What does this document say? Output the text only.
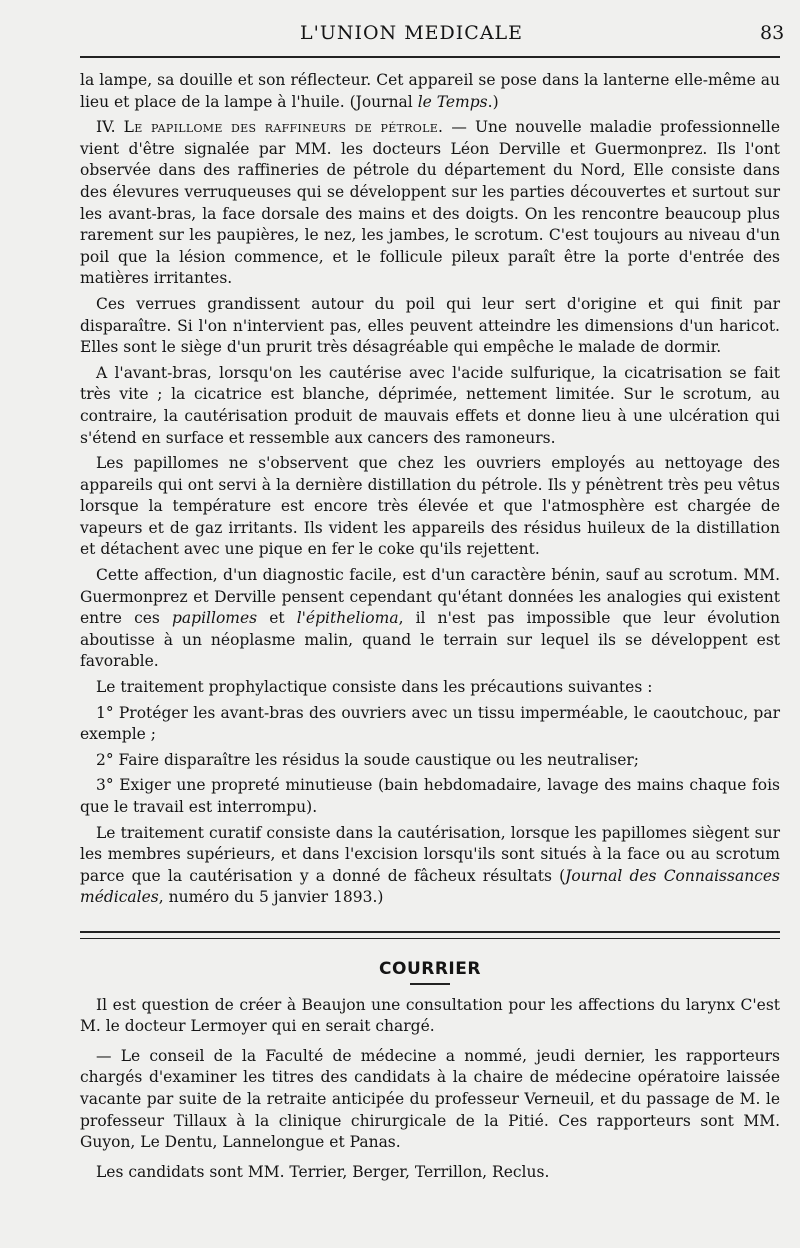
L'UNION MEDICALE	83

la lampe, sa douille et son réflecteur. Cet appareil se pose dans la lanterne elle-même au lieu et place de la lampe à l'huile. (Journal le Temps.)

IV. Le papillome des raffineurs de pétrole. — Une nouvelle maladie professionnelle vient d'être signalée par MM. les docteurs Léon Derville et Guermonprez. Ils l'ont observée dans des raffineries de pétrole du département du Nord, Elle consiste dans des élevures verruqueuses qui se développent sur les parties découvertes et surtout sur les avant-bras, la face dorsale des mains et des doigts. On les rencontre beaucoup plus rarement sur les paupières, le nez, les jambes, le scrotum. C'est toujours au niveau d'un poil que la lésion commence, et le follicule pileux paraît être la porte d'entrée des matières irritantes.

Ces verrues grandissent autour du poil qui leur sert d'origine et qui finit par disparaître. Si l'on n'intervient pas, elles peuvent atteindre les dimensions d'un haricot. Elles sont le siège d'un prurit très désagréable qui empêche le malade de dormir.

A l'avant-bras, lorsqu'on les cautérise avec l'acide sulfurique, la cicatrisation se fait très vite ; la cicatrice est blanche, déprimée, nettement limitée. Sur le scrotum, au contraire, la cautérisation produit de mauvais effets et donne lieu à une ulcération qui s'étend en surface et ressemble aux cancers des ramoneurs.

Les papillomes ne s'observent que chez les ouvriers employés au nettoyage des appareils qui ont servi à la dernière distillation du pétrole. Ils y pénètrent très peu vêtus lorsque la température est encore très élevée et que l'atmosphère est chargée de vapeurs et de gaz irritants. Ils vident les appareils des résidus huileux de la distillation et détachent avec une pique en fer le coke qu'ils rejettent.

Cette affection, d'un diagnostic facile, est d'un caractère bénin, sauf au scrotum. MM. Guermonprez et Derville pensent cependant qu'étant données les analogies qui existent entre ces papillomes et l'épithelioma, il n'est pas impossible que leur évolution aboutisse à un néoplasme malin, quand le terrain sur lequel ils se développent est favorable.

Le traitement prophylactique consiste dans les précautions suivantes :

1° Protéger les avant-bras des ouvriers avec un tissu imperméable, le caoutchouc, par exemple ;

2° Faire disparaître les résidus la soude caustique ou les neutraliser;

3° Exiger une propreté minutieuse (bain hebdomadaire, lavage des mains chaque fois que le travail est interrompu).

Le traitement curatif consiste dans la cautérisation, lorsque les papillomes siègent sur les membres supérieurs, et dans l'excision lorsqu'ils sont situés à la face ou au scrotum parce que la cautérisation y a donné de fâcheux résultats (Journal des Connaissances médicales, numéro du 5 janvier 1893.)

COURRIER

Il est question de créer à Beaujon une consultation pour les affections du larynx C'est M. le docteur Lermoyer qui en serait chargé.

— Le conseil de la Faculté de médecine a nommé, jeudi dernier, les rapporteurs chargés d'examiner les titres des candidats à la chaire de médecine opératoire laissée vacante par suite de la retraite anticipée du professeur Verneuil, et du passage de M. le professeur Tillaux à la clinique chirurgicale de la Pitié. Ces rapporteurs sont MM. Guyon, Le Dentu, Lannelongue et Panas.

Les candidats sont MM. Terrier, Berger, Terrillon, Reclus.
